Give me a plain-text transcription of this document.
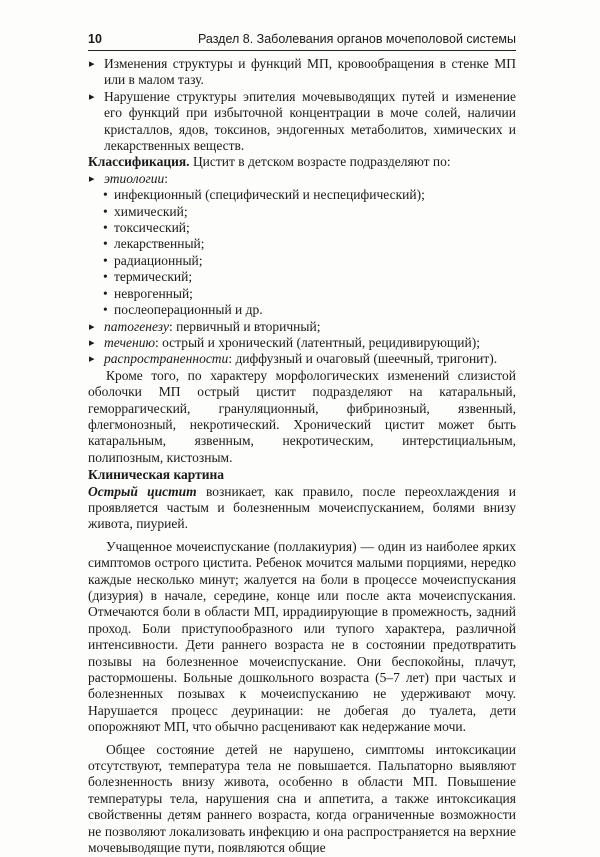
10	Раздел 8. Заболевания органов мочеполовой системы

▸ Изменения структуры и функций МП, кровообращения в стенке МП или в малом тазу.

▸ Нарушение структуры эпителия мочевыводящих путей и изменение его функций при избыточной концентрации в моче солей, наличии кристаллов, ядов, токсинов, эндогенных метаболитов, химических и лекарственных веществ.

Классификация. Цистит в детском возрасте подразделяют по:

▸ этиологии:

• инфекционный (специфический и неспецифический);
• химический;
• токсический;
• лекарственный;
• радиационный;
• термический;
• неврогенный;
• послеоперационный и др.

▸ патогенезу: первичный и вторичный;

▸ течению: острый и хронический (латентный, рецидивирующий);

▸ распространенности: диффузный и очаговый (шеечный, тригонит).

Кроме того, по характеру морфологических изменений слизистой оболочки МП острый цистит подразделяют на катаральный, геморрагический, грануляционный, фибринозный, язвенный, флегмонозный, некротический. Хронический цистит может быть катаральным, язвенным, некротическим, интерстициальным, полипозным, кистозным.

Клиническая картина

Острый цистит возникает, как правило, после переохлаждения и проявляется частым и болезненным мочеиспусканием, болями внизу живота, пиурией.

Учащенное мочеиспускание (поллакиурия) — один из наиболее ярких симптомов острого цистита. Ребенок мочится малыми порциями, нередко каждые несколько минут; жалуется на боли в процессе мочеиспускания (дизурия) в начале, середине, конце или после акта мочеиспускания. Отмечаются боли в области МП, иррадиирующие в промежность, задний проход. Боли приступообразного или тупого характера, различной интенсивности. Дети раннего возраста не в состоянии предотвратить позывы на болезненное мочеиспускание. Они беспокойны, плачут, растормошены. Больные дошкольного возраста (5–7 лет) при частых и болезненных позывах к мочеиспусканию не удерживают мочу. Нарушается процесс деуринации: не добегая до туалета, дети опорожняют МП, что обычно расценивают как недержание мочи.

Общее состояние детей не нарушено, симптомы интоксикации отсутствуют, температура тела не повышается. Пальпаторно выявляют болезненность внизу живота, особенно в области МП. Повышение температуры тела, нарушения сна и аппетита, а также интоксикация свойственны детям раннего возраста, когда ограниченные возможности не позволяют локализовать инфекцию и она распространяется на верхние мочевыводящие пути, появляются общие
